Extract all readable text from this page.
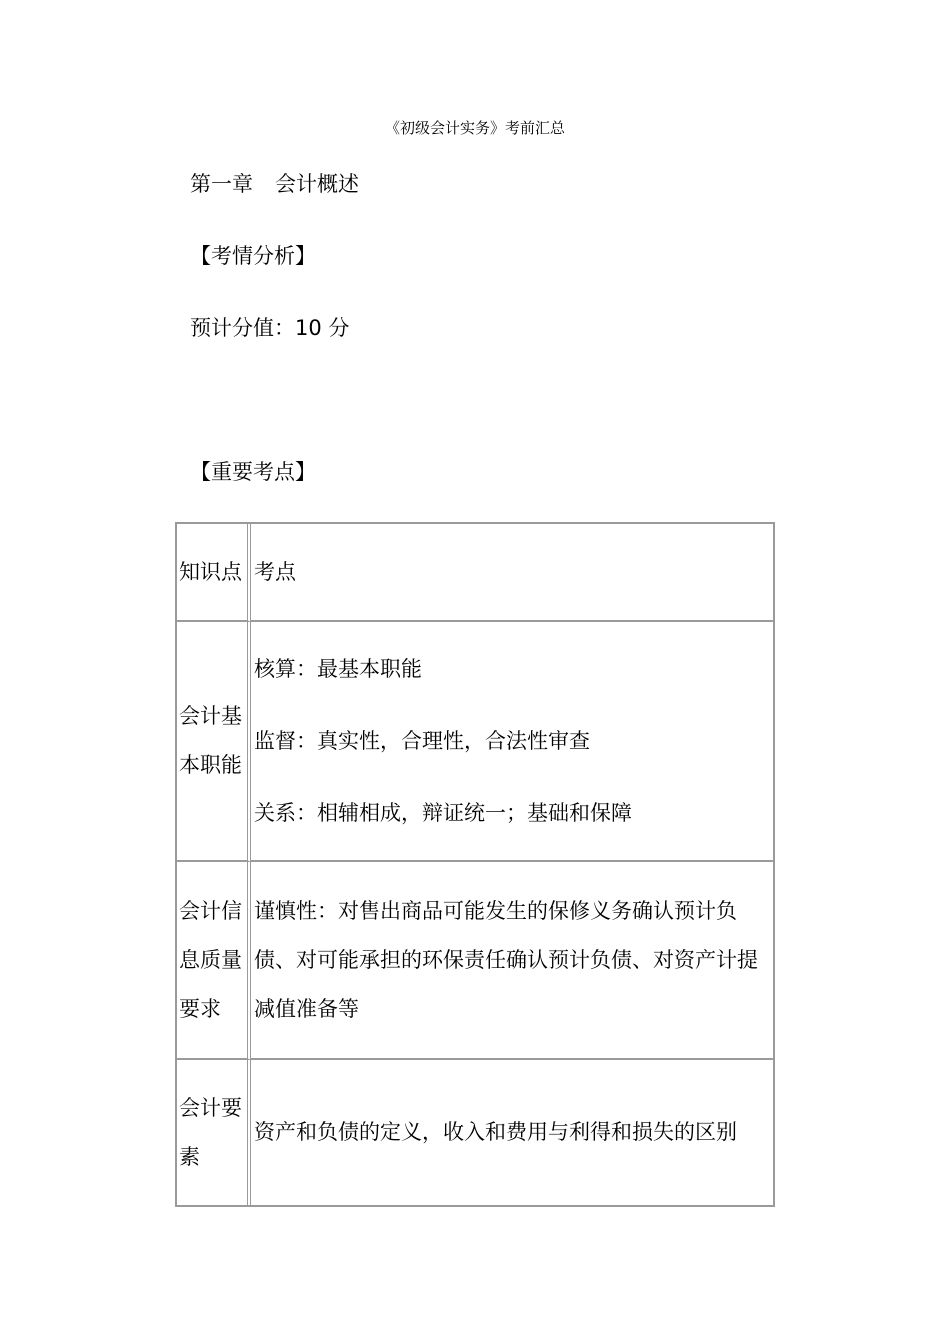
《初级会计实务》考前汇总
第一章 会计概述
【考情分析】
预计分值：10 分
【重要考点】
知识点	考点
会计基本职能	核算：最基本职能
监督：真实性，合理性，合法性审查
关系：相辅相成，辩证统一；基础和保障

会计信息质量要求	谨慎性：对售出商品可能发生的保修义务确认预计负债、对可能承担的环保责任确认预计负债、对资产计提减值准备等
会计要素	资产和负债的定义，收入和费用与利得和损失的区别
